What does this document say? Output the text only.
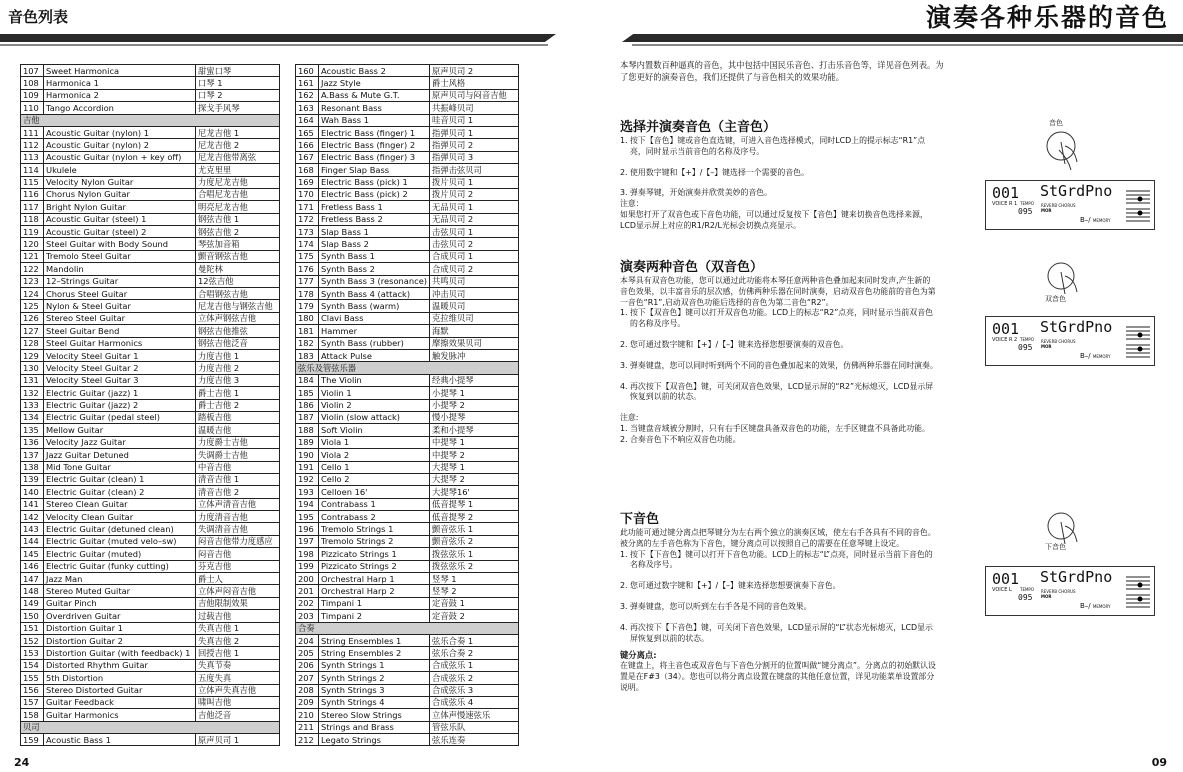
音色列表
107	Sweet Harmonica	甜蜜口琴
108	Harmonica 1	口琴 1
109	Harmonica 2	口琴 2
110	Tango Accordion	探戈手风琴
吉他		
111	Acoustic Guitar (nylon) 1	尼龙吉他 1
112	Acoustic Guitar (nylon) 2	尼龙吉他 2
113	Acoustic Guitar (nylon + key off)	尼龙吉他带离弦
114	Ukulele	尤克里里
115	Velocity Nylon Guitar	力度尼龙吉他
116	Chorus Nylon Guitar	合唱尼龙吉他
117	Bright Nylon Guitar	明亮尼龙吉他
118	Acoustic Guitar (steel) 1	钢弦吉他 1
119	Acoustic Guitar (steel) 2	钢弦吉他 2
120	Steel Guitar with Body Sound	琴弦加音箱
121	Tremolo Steel Guitar	颤音钢弦吉他
122	Mandolin	曼陀林
123	12–Strings Guitar	12弦吉他
124	Chorus Steel Guitar	合唱钢弦吉他
125	Nylon & Steel Guitar	尼龙吉他与钢弦吉他
126	Stereo Steel Guitar	立体声钢弦吉他
127	Steel Guitar Bend	钢弦吉他推弦
128	Steel Guitar Harmonics	钢弦吉他泛音
129	Velocity Steel Guitar 1	力度吉他 1
130	Velocity Steel Guitar 2	力度吉他 2
131	Velocity Steel Guitar 3	力度吉他 3
132	Electric Guitar (jazz) 1	爵士吉他 1
133	Electric Guitar (jazz) 2	爵士吉他 2
134	Electric Guitar (pedal steel)	踏板吉他
135	Mellow Guitar	温暖吉他
136	Velocity Jazz Guitar	力度爵士吉他
137	Jazz Guitar Detuned	失调爵士吉他
138	Mid Tone Guitar	中音吉他
139	Electric Guitar (clean) 1	清音吉他 1
140	Electric Guitar (clean) 2	清音吉他 2
141	Stereo Clean Guitar	立体声清音吉他
142	Velocity Clean Guitar	力度清音吉他
143	Electric Guitar (detuned clean)	失调清音吉他
144	Electric Guitar (muted velo–sw)	闷音吉他带力度感应
145	Electric Guitar (muted)	闷音吉他
146	Electric Guitar (funky cutting)	芬克吉他
147	Jazz Man	爵士人
148	Stereo Muted Guitar	立体声闷音吉他
149	Guitar Pinch	吉他限制效果
150	Overdriven Guitar	过载吉他
151	Distortion Guitar 1	失真吉他 1
152	Distortion Guitar 2	失真吉他 2
153	Distortion Guitar (with feedback) 1	回授吉他 1
154	Distorted Rhythm Guitar	失真节奏
155	5th Distortion	五度失真
156	Stereo Distorted Guitar	立体声失真吉他
157	Guitar Feedback	啸叫吉他
158	Guitar Harmonics	吉他泛音
贝司		
159	Acoustic Bass 1	原声贝司 1
160	Acoustic Bass 2	原声贝司 2
161	Jazz Style	爵士风格
162	A.Bass & Mute G.T.	原声贝司与闷音吉他
163	Resonant Bass	共振峰贝司
164	Wah Bass 1	哇音贝司 1
165	Electric Bass (finger) 1	指弹贝司 1
166	Electric Bass (finger) 2	指弹贝司 2
167	Electric Bass (finger) 3	指弹贝司 3
168	Finger Slap Bass	指弹击弦贝司
169	Electric Bass (pick) 1	拨片贝司 1
170	Electric Bass (pick) 2	拨片贝司 2
171	Fretless Bass 1	无品贝司 1
172	Fretless Bass 2	无品贝司 2
173	Slap Bass 1	击弦贝司 1
174	Slap Bass 2	击弦贝司 2
175	Synth Bass 1	合成贝司 1
176	Synth Bass 2	合成贝司 2
177	Synth Bass 3 (resonance)	共鸣贝司
178	Synth Bass 4 (attack)	冲击贝司
179	Synth Bass (warm)	温暖贝司
180	Clavi Bass	克拉维贝司
181	Hammer	海默
182	Synth Bass (rubber)	摩擦效果贝司
183	Attack Pulse	触发脉冲
弦乐及管弦乐器		
184	The Violin	经典小提琴
185	Violin 1	小提琴 1
186	Violin 2	小提琴 2
187	Violin (slow attack)	慢小提琴
188	Soft Violin	柔和小提琴
189	Viola 1	中提琴 1
190	Viola 2	中提琴 2
191	Cello 1	大提琴 1
192	Cello 2	大提琴 2
193	Celloen 16'	大提琴16'
194	Contrabass 1	低音提琴 1
195	Contrabass 2	低音提琴 2
196	Tremolo Strings 1	颤音弦乐 1
197	Tremolo Strings 2	颤音弦乐 2
198	Pizzicato Strings 1	拨弦弦乐 1
199	Pizzicato Strings 2	拨弦弦乐 2
200	Orchestral Harp 1	竖琴 1
201	Orchestral Harp 2	竖琴 2
202	Timpani 1	定音鼓 1
203	Timpani 2	定音鼓 2
合奏		
204	String Ensembles 1	弦乐合奏 1
205	String Ensembles 2	弦乐合奏 2
206	Synth Strings 1	合成弦乐 1
207	Synth Strings 2	合成弦乐 2
208	Synth Strings 3	合成弦乐 3
209	Synth Strings 4	合成弦乐 4
210	Stereo Slow Strings	立体声慢速弦乐
211	Strings and Brass	管弦乐队
212	Legato Strings	弦乐连奏
24
演奏各种乐器的音色
本琴内置数百种逼真的音色，其中包括中国民乐音色、打击乐音色等，详见音色列表。为了您更好的演奏音色，我们还提供了与音色相关的效果功能。
选择并演奏音色（主音色）

1. 按下【音色】键或音色直选键，可进入音色选择模式，同时LCD上的提示标志“R1”点亮，同时显示当前音色的名称及序号。

2. 使用数字键和【+】/【–】键选择一个需要的音色。

3. 弹奏琴键，开始演奏并欣赏美妙的音色。

注意：

如果您打开了双音色或下音色功能，可以通过反复按下【音色】键来切换音色选择来源，LCD显示屏上对应的R1/R2/L光标会切换点亮显示。

演奏两种音色（双音色）

本琴具有双音色功能，您可以通过此功能将本琴任意两种音色叠加起来同时发声,产生新的音色效果，以丰富音乐的层次感，仿佛两种乐器在同时演奏，启动双音色功能前的音色为第一音色“R1”,启动双音色功能后选择的音色为第二音色“R2”。

1. 按下【双音色】键可以打开双音色功能。LCD上的标志“R2”点亮，同时显示当前双音色的名称及序号。

2. 您可通过数字键和【+】/【–】键来选择您想要演奏的双音色。

3. 弹奏键盘，您可以同时听到两个不同的音色叠加起来的效果，仿佛两种乐器在同时演奏。

4. 再次按下【双音色】键，可关闭双音色效果，LCD显示屏的“R2”光标熄灭，LCD显示屏恢复到以前的状态。

注意:

1. 当键盘音域被分割时，只有右手区键盘具备双音色的功能，左手区键盘不具备此功能。

2. 合奏音色下不响应双音色功能。

下音色

此功能可通过键分离点把琴键分为左右两个独立的演奏区域，使左右手各具有不同的音色。被分离的左手音色称为下音色，键分离点可以按照自己的需要在任意琴键上设定。

1. 按下【下音色】键可以打开下音色功能。LCD上的标志“L”点亮，同时显示当前下音色的名称及序号。

2. 您可通过数字键和【+】/【–】键来选择您想要演奏下音色。

3. 弹奏键盘，您可以听到左右手各是不同的音色效果。

4. 再次按下【下音色】键，可关闭下音色效果，LCD显示屏的“L”状态光标熄灭，LCD显示屏恢复到以前的状态。

键分离点:

在键盘上，将主音色或双音色与下音色分割开的位置叫做“键分离点”。分离点的初始默认设置是在F#3（34）。您也可以将分离点设置在键盘的其他任意位置，详见功能菜单设置部分说明。

音色
001 StGrdPno
VOICE R 1 TEMPO
095
REVERB CHORUS
MOR
B–/ MEMORY
双音色
001 StGrdPno
VOICE R 2 TEMPO
095
REVERB CHORUS
MOR
B–/ MEMORY
下音色
001 StGrdPno
VOICE L TEMPO
095
REVERB CHORUS
MOR
B–/ MEMORY
09
